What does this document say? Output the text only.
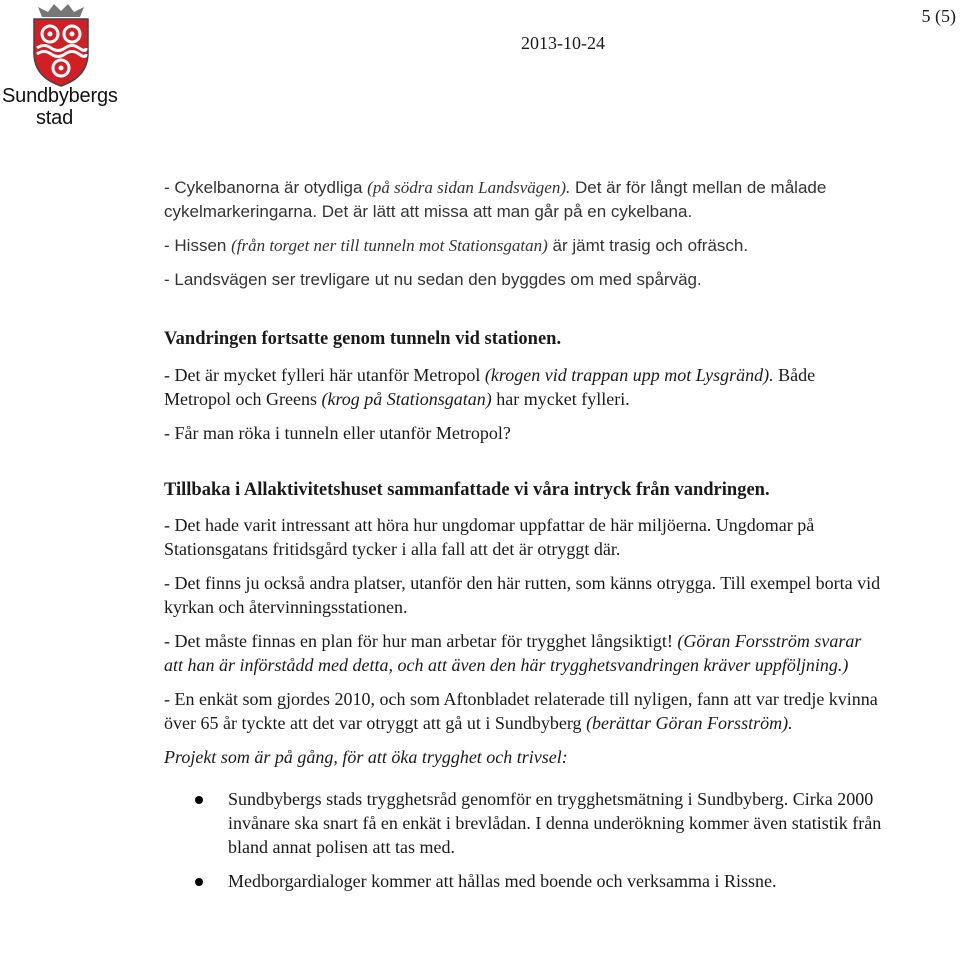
Sundbybergs
stad
2013-10-24
5 (5)

- Cykelbanorna är otydliga (på södra sidan Landsvägen). Det är för långt mellan de målade cykelmarkeringarna. Det är lätt att missa att man går på en cykelbana.

- Hissen (från torget ner till tunneln mot Stationsgatan) är jämt trasig och ofräsch.

- Landsvägen ser trevligare ut nu sedan den byggdes om med spårväg.

Vandringen fortsatte genom tunneln vid stationen.

- Det är mycket fylleri här utanför Metropol (krogen vid trappan upp mot Lysgränd). Både Metropol och Greens (krog på Stationsgatan) har mycket fylleri.

- Får man röka i tunneln eller utanför Metropol?

Tillbaka i Allaktivitetshuset sammanfattade vi våra intryck från vandringen.

- Det hade varit intressant att höra hur ungdomar uppfattar de här miljöerna. Ungdomar på Stationsgatans fritidsgård tycker i alla fall att det är otryggt där.

- Det finns ju också andra platser, utanför den här rutten, som känns otrygga. Till exempel borta vid kyrkan och återvinningsstationen.

- Det måste finnas en plan för hur man arbetar för trygghet långsiktigt! (Göran Forsström svarar att han är införstådd med detta, och att även den här trygghetsvandringen kräver uppföljning.)

- En enkät som gjordes 2010, och som Aftonbladet relaterade till nyligen, fann att var tredje kvinna över 65 år tyckte att det var otryggt att gå ut i Sundbyberg (berättar Göran Forsström).

Projekt som är på gång, för att öka trygghet och trivsel:

Sundbybergs stads trygghetsråd genomför en trygghetsmätning i Sundbyberg. Cirka 2000 invånare ska snart få en enkät i brevlådan. I denna underökning kommer även statistik från bland annat polisen att tas med.
Medborgardialoger kommer att hållas med boende och verksamma i Rissne.
